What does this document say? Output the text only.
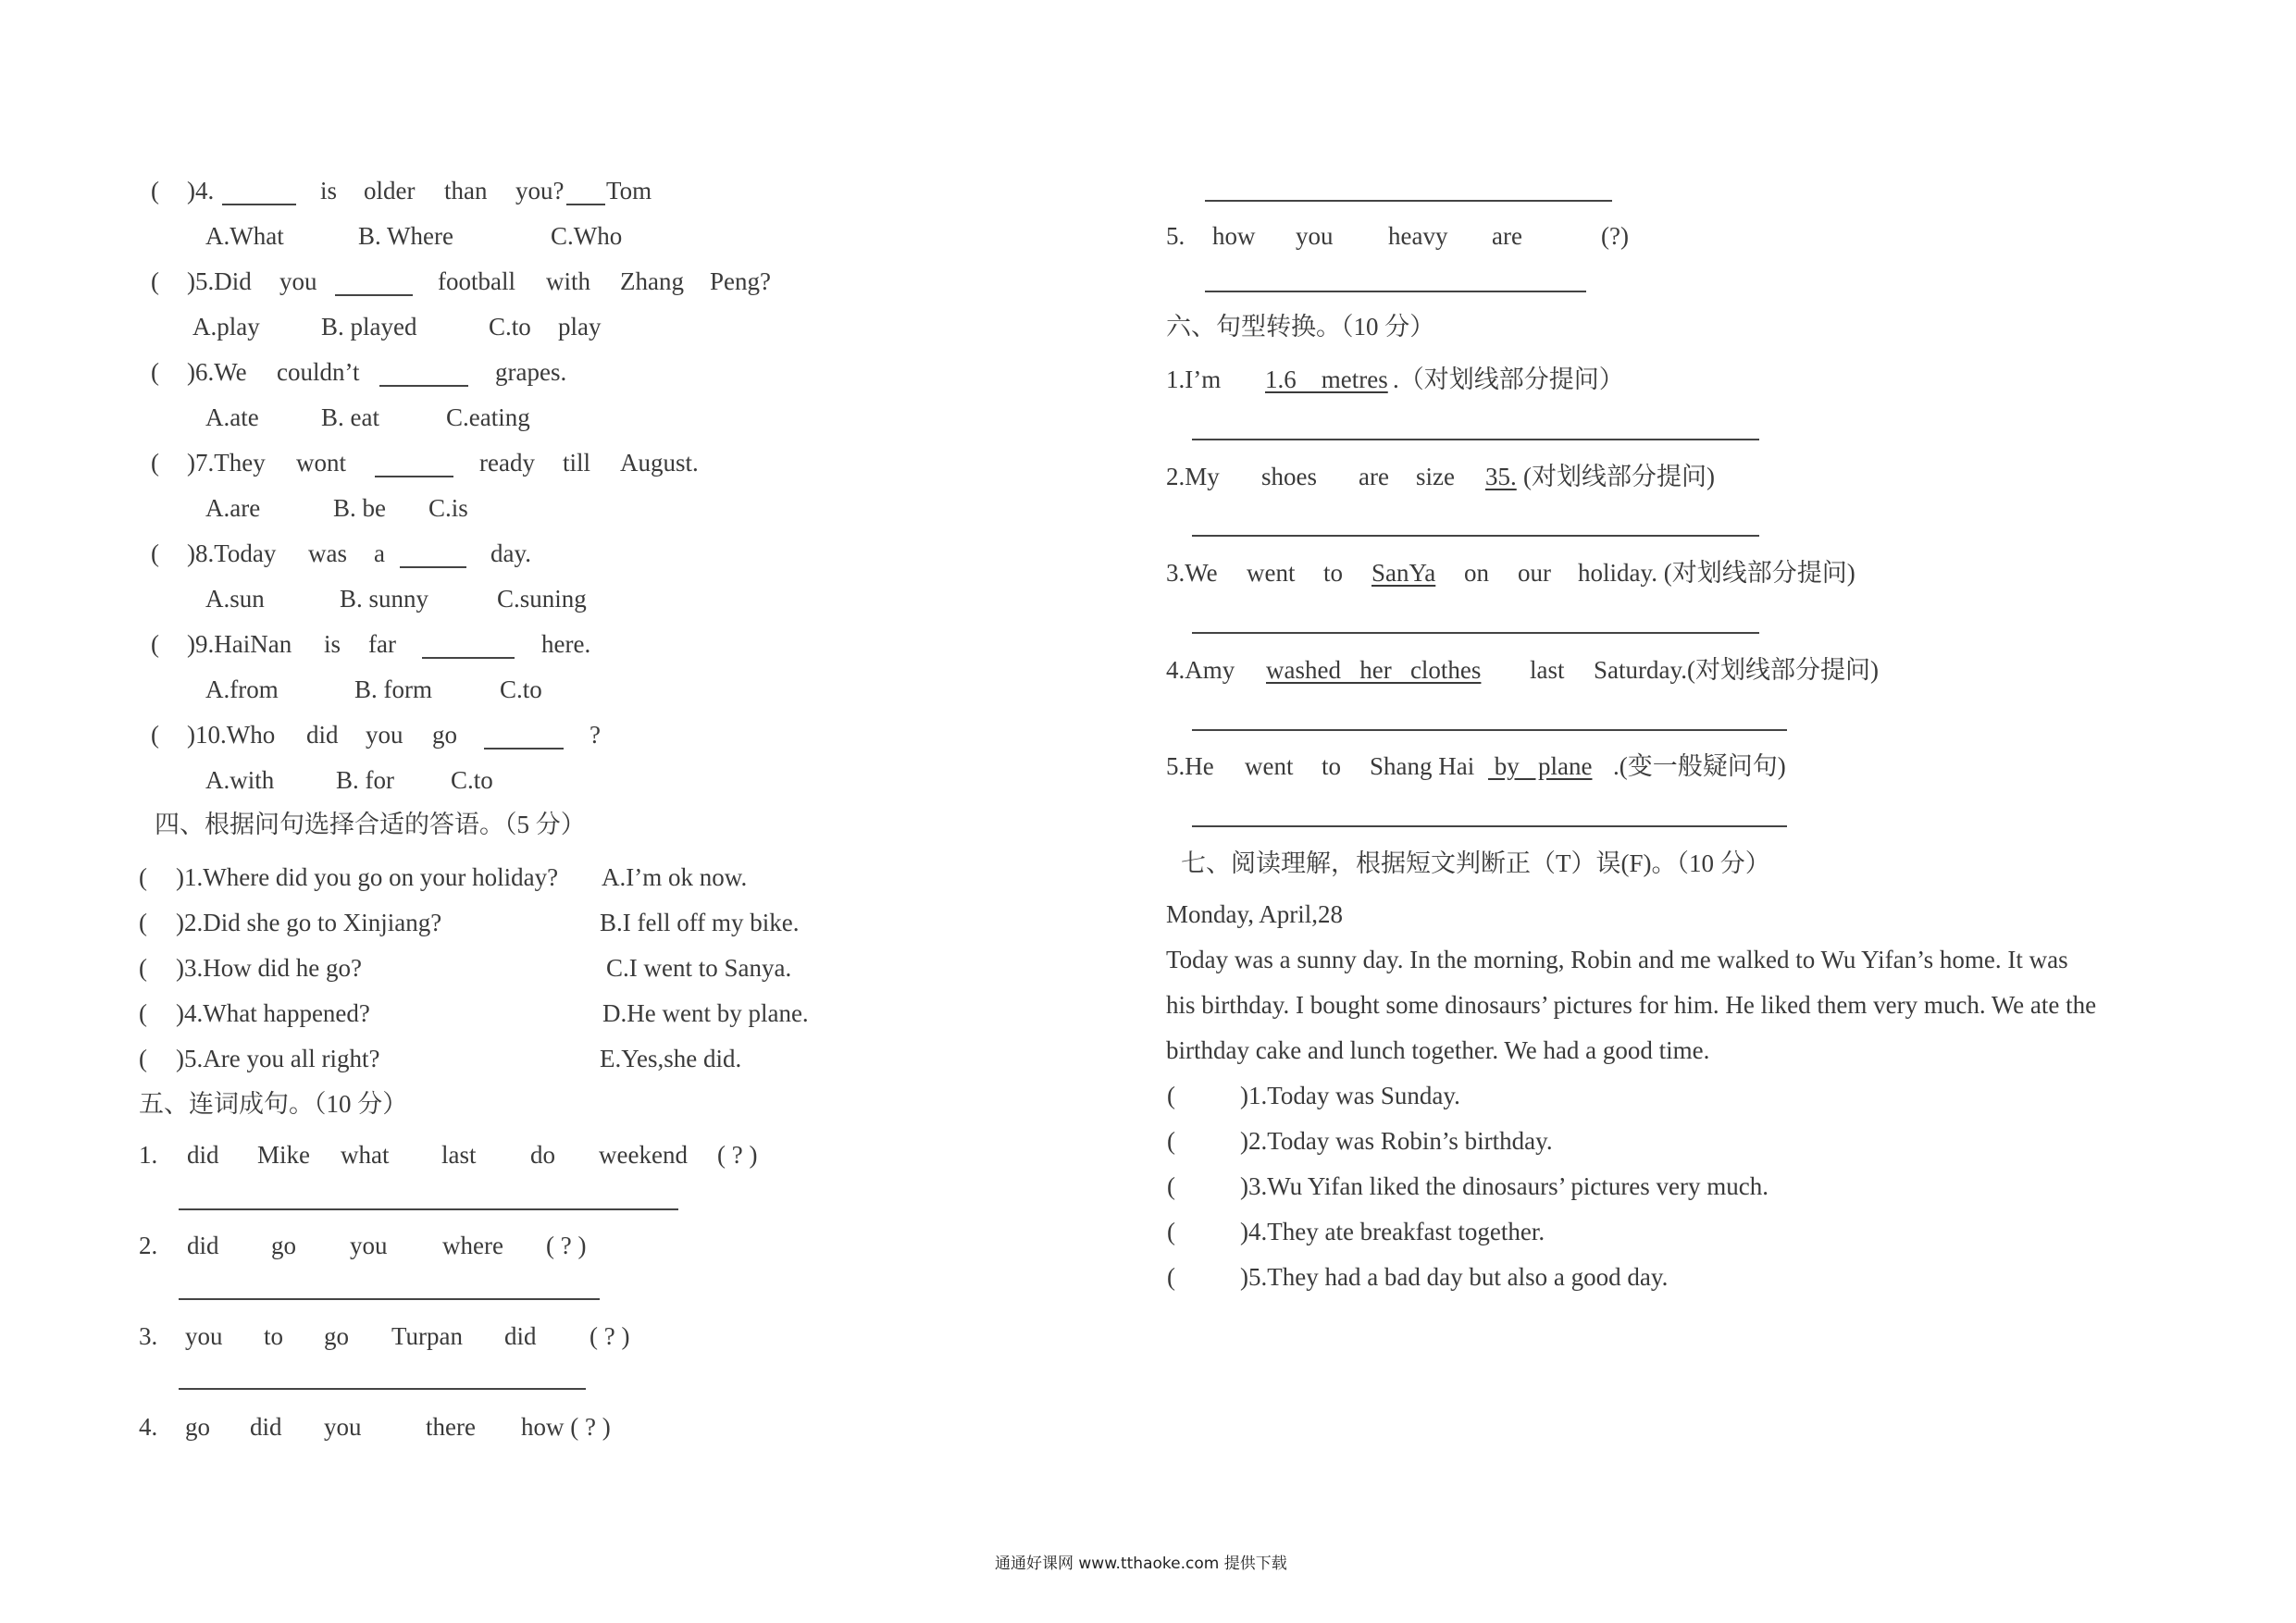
( )4.	is older than you? Tom
A.What	B. Where	C.Who
( )5.Did you	football with Zhang Peng?
A.play B. played	C.to play
( )6.We couldn’t	grapes.
A.ate B. eat	C.eating
( )7.They wont	ready till August.
A.are	B. be C.is
( )8.Today was a	day.
A.sun	B. sunny	C.suning
( )9.HaiNan is far	here.
A.from	B. form	C.to
( )10.Who did you go	?
A.with B. for C.to
四、根据问句选择合适的答语。（5 分）
( )1.Where did you go on your holiday? A.I’m ok now.
( )2.Did she go to Xinjiang?	B.I fell off my bike.
( )3.How did he go?	C.I went to Sanya.
( )4.What happened?	D.He went by plane.
( )5.Are you all right?	E.Yes,she did.
五、连词成句。（10 分）
1. did Mike what last do weekend ( ? )
2. did go you where ( ? )
3. you to go Turpan did ( ? )
4. go did you	there how ( ? )
5. how you heavy are	(?)
六、句型转换。（10 分）
1.I’m 1.6    metres .（对划线部分提问）
2.My shoes are size 35. (对划线部分提问)
3.We went to SanYa on our holiday. (对划线部分提问)
4.Amy washed   her   clothes last Saturday.(对划线部分提问)
5.He went to Shang Hai by   plane .(变一般疑问句)
七、阅读理解，根据短文判断正（T）误(F)。（10 分）
Monday, April,28
Today was a sunny day. In the morning, Robin and me walked to Wu Yifan’s home. It was
his birthday. I bought some dinosaurs’ pictures for him. He liked them very much. We ate the
birthday cake and lunch together. We had a good time.
(	)1.Today was Sunday.
(	)2.Today was Robin’s birthday.
(	)3.Wu Yifan liked the dinosaurs’ pictures very much.
(	)4.They ate breakfast together.
(	)5.They had a bad day but also a good day.
通通好课网 www.tthaoke.com 提供下载
